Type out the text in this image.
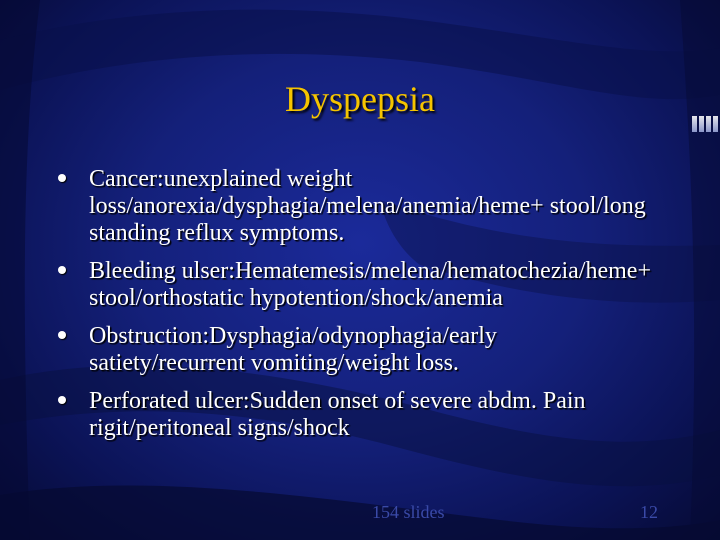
Dyspepsia
Cancer:unexplained weight loss/anorexia/dysphagia/melena/anemia/heme+ stool/long standing reflux symptoms.
Bleeding ulser:Hematemesis/melena/hematochezia/heme+ stool/orthostatic hypotention/shock/anemia
Obstruction:Dysphagia/odynophagia/early satiety/recurrent vomiting/weight loss.
Perforated ulcer:Sudden onset of severe abdm. Pain rigit/peritoneal signs/shock
154 slides	12
